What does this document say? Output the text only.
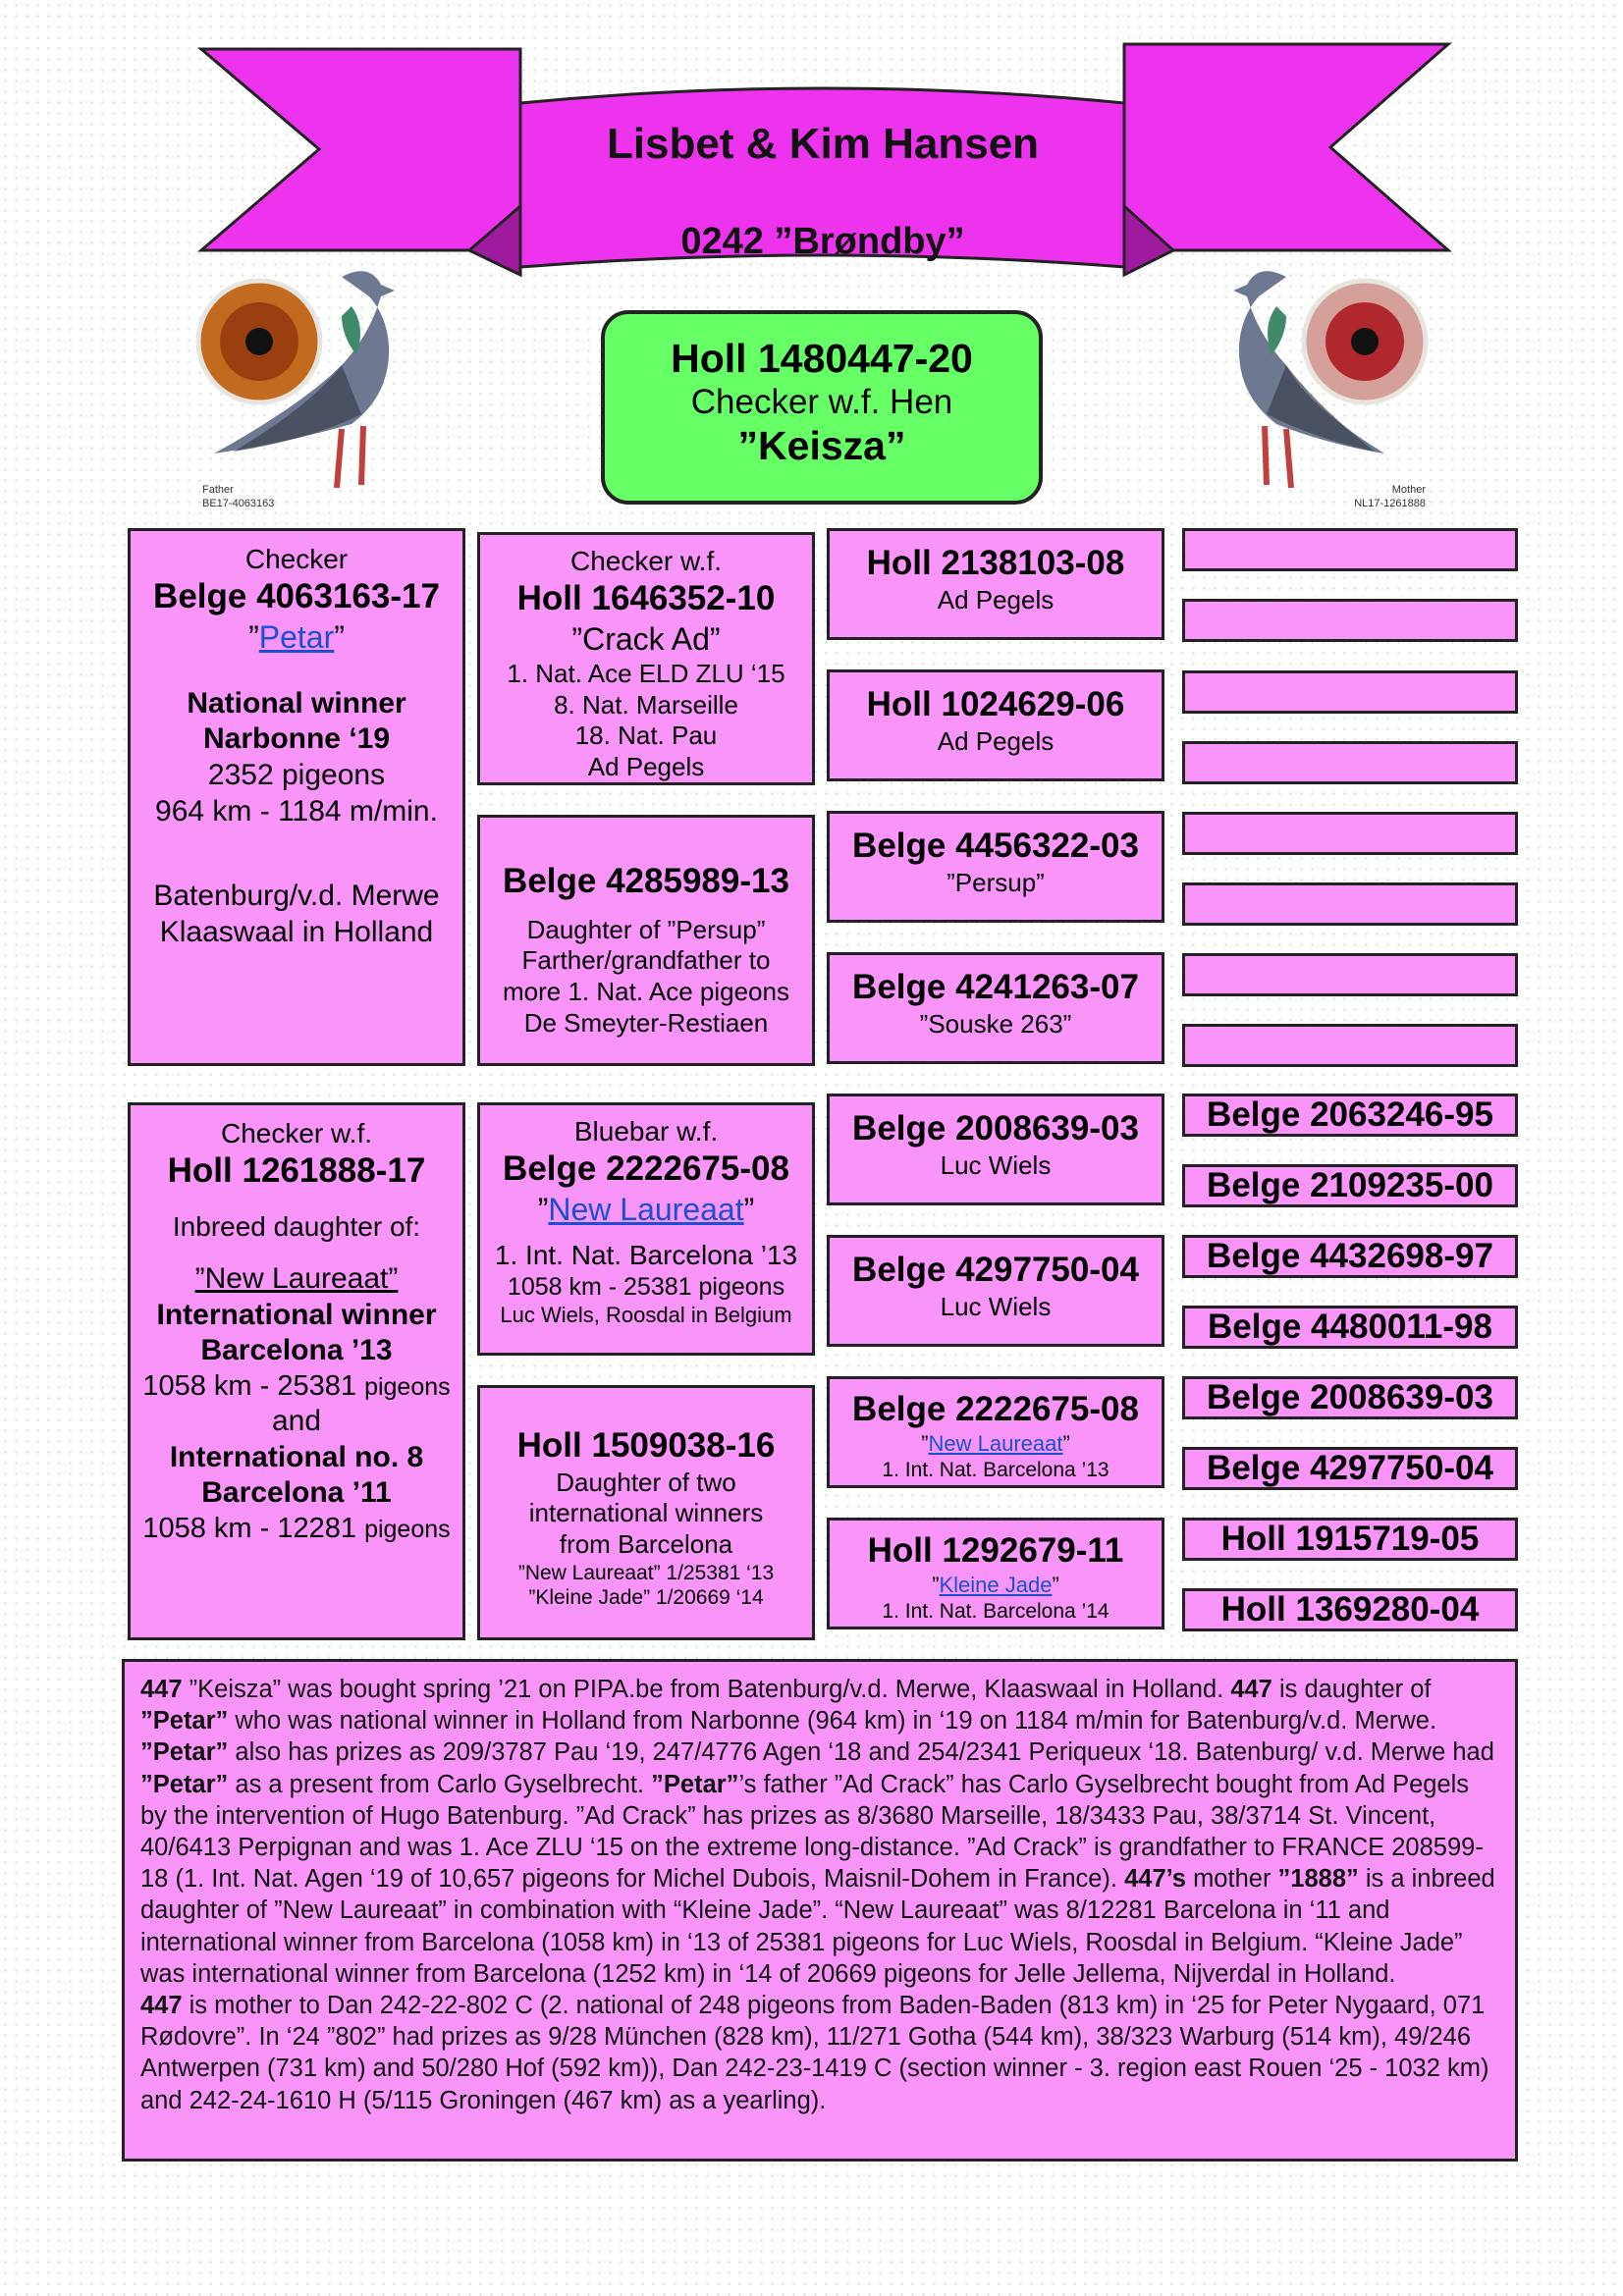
Lisbet & Kim Hansen
0242 ”Brøndby”
Father
BE17-4063163
Mother
NL17-1261888
Holl 1480447-20
Checker w.f. Hen
”Keisza”
Checker
Belge 4063163-17
”Petar”
National winner
Narbonne ‘19
2352 pigeons
964 km - 1184 m/min.
Batenburg/v.d. Merwe
Klaaswaal in Holland
Checker w.f.
Holl 1261888-17
Inbreed daughter of:
”New Laureaat”
International winner
Barcelona ’13
1058 km - 25381 pigeons
and
International no. 8
Barcelona ’11
1058 km - 12281 pigeons
Checker w.f.
Holl 1646352-10
”Crack Ad”
1. Nat. Ace ELD ZLU ‘15
8. Nat. Marseille
18. Nat. Pau
Ad Pegels
Belge 4285989-13
Daughter of ”Persup”
Farther/grandfather to
more 1. Nat. Ace pigeons
De Smeyter-Restiaen
Bluebar w.f.
Belge 2222675-08
”New Laureaat”
1. Int. Nat. Barcelona ’13
1058 km - 25381 pigeons
Luc Wiels, Roosdal in Belgium
Holl 1509038-16
Daughter of two
international winners
from Barcelona
”New Laureaat” 1/25381 ‘13
”Kleine Jade” 1/20669 ‘14
Holl 2138103-08
Ad Pegels
Holl 1024629-06
Ad Pegels
Belge 4456322-03
”Persup”
Belge 4241263-07
”Souske 263”
Belge 2008639-03
Luc Wiels
Belge 4297750-04
Luc Wiels
Belge 2222675-08
”New Laureaat”
1. Int. Nat. Barcelona ’13
Holl 1292679-11
”Kleine Jade”
1. Int. Nat. Barcelona ’14
Belge 2063246-95
Belge 2109235-00
Belge 4432698-97
Belge 4480011-98
Belge 2008639-03
Belge 4297750-04
Holl 1915719-05
Holl 1369280-04

447 ”Keisza” was bought spring ’21 on PIPA.be from Batenburg/v.d. Merwe, Klaaswaal in Holland. 447 is daughter of ”Petar” who was national winner in Holland from Narbonne (964 km) in ‘19 on 1184 m/min for Batenburg/v.d. Merwe. ”Petar” also has prizes as 209/3787 Pau ‘19, 247/4776 Agen ‘18 and 254/2341 Periqueux ‘18. Batenburg/ v.d. Merwe had ”Petar” as a present from Carlo Gyselbrecht. ”Petar”’s father ”Ad Crack” has Carlo Gyselbrecht bought from Ad Pegels by the intervention of Hugo Batenburg. ”Ad Crack” has prizes as 8/3680 Marseille, 18/3433 Pau, 38/3714 St. Vincent, 40/6413 Perpignan and was 1. Ace ZLU ‘15 on the extreme long-distance. ”Ad Crack” is grandfather to FRANCE 208599-18 (1. Int. Nat. Agen ‘19 of 10,657 pigeons for Michel Dubois, Maisnil-Dohem in France). 447’s mother ”1888” is a inbreed daughter of ”New Laureaat” in combination with “Kleine Jade”. “New Laureaat” was 8/12281 Barcelona in ‘11 and international winner from Barcelona (1058 km) in ‘13 of 25381 pigeons for Luc Wiels, Roosdal in Belgium. “Kleine Jade” was international winner from Barcelona (1252 km) in ‘14 of 20669 pigeons for Jelle Jellema, Nijverdal in Holland.

447 is mother to Dan 242-22-802 C (2. national of 248 pigeons from Baden-Baden (813 km) in ‘25 for Peter Nygaard, 071 Rødovre”. In ‘24 ”802” had prizes as 9/28 München (828 km), 11/271 Gotha (544 km), 38/323 Warburg (514 km), 49/246 Antwerpen (731 km) and 50/280 Hof (592 km)), Dan 242-23-1419 C (section winner - 3. region east Rouen ‘25 - 1032 km) and 242-24-1610 H (5/115 Groningen (467 km) as a yearling).
